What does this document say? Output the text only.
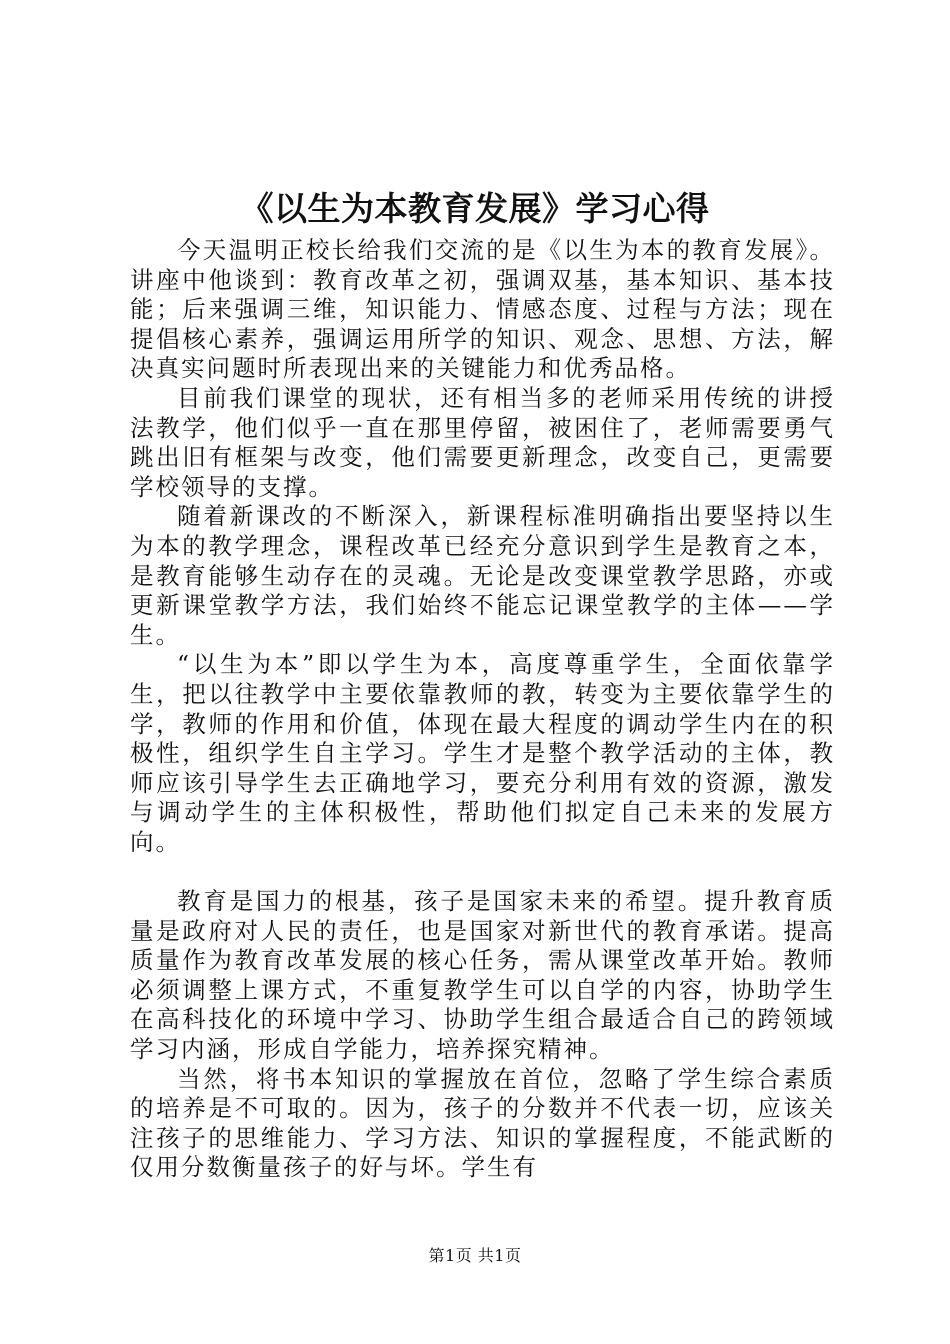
《以生为本教育发展》学习心得

今天温明正校长给我们交流的是《以生为本的教育发展》。讲座中他谈到：教育改革之初，强调双基，基本知识、基本技能；后来强调三维，知识能力、情感态度、过程与方法；现在提倡核心素养，强调运用所学的知识、观念、思想、方法，解决真实问题时所表现出来的关键能力和优秀品格。

目前我们课堂的现状，还有相当多的老师采用传统的讲授法教学，他们似乎一直在那里停留，被困住了，老师需要勇气跳出旧有框架与改变，他们需要更新理念，改变自己，更需要学校领导的支撑。

随着新课改的不断深入，新课程标准明确指出要坚持以生为本的教学理念，课程改革已经充分意识到学生是教育之本，是教育能够生动存在的灵魂。无论是改变课堂教学思路，亦或更新课堂教学方法，我们始终不能忘记课堂教学的主体——学生。

“以生为本”即以学生为本，高度尊重学生，全面依靠学生，把以往教学中主要依靠教师的教，转变为主要依靠学生的学，教师的作用和价值，体现在最大程度的调动学生内在的积极性，组织学生自主学习。学生才是整个教学活动的主体，教师应该引导学生去正确地学习，要充分利用有效的资源，激发与调动学生的主体积极性，帮助他们拟定自己未来的发展方向。

教育是国力的根基，孩子是国家未来的希望。提升教育质量是政府对人民的责任，也是国家对新世代的教育承诺。提高质量作为教育改革发展的核心任务，需从课堂改革开始。教师必须调整上课方式，不重复教学生可以自学的内容，协助学生在高科技化的环境中学习、协助学生组合最适合自己的跨领域学习内涵，形成自学能力，培养探究精神。

当然，将书本知识的掌握放在首位，忽略了学生综合素质的培养是不可取的。因为，孩子的分数并不代表一切，应该关注孩子的思维能力、学习方法、知识的掌握程度，不能武断的仅用分数衡量孩子的好与坏。学生有

第1页 共1页
